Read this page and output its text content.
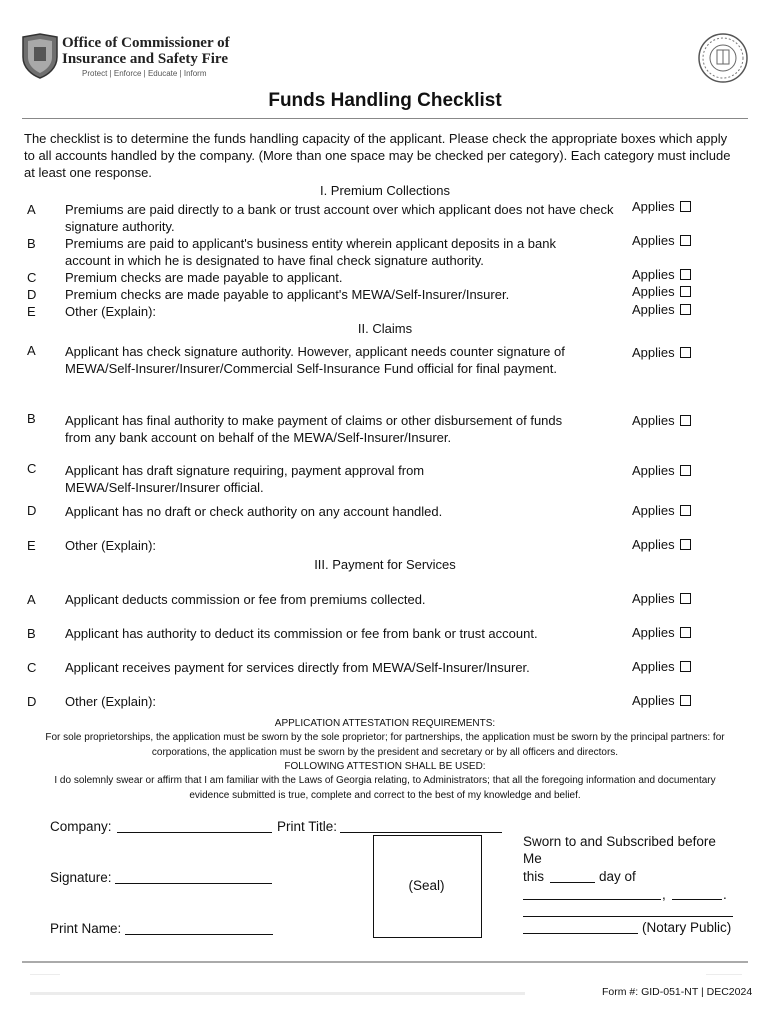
Office of Commissioner of
Insurance and Safety Fire
Protect | Enforce | Educate | Inform
Funds Handling Checklist
The checklist is to determine the funds handling capacity of the applicant. Please check the appropriate boxes which apply to all accounts handled by the company. (More than one space may be checked per category). Each category must include at least one response.
I. Premium Collections
A Premiums are paid directly to a bank or trust account over which applicant does not have check signature authority.
Applies
B Premiums are paid to applicant's business entity wherein applicant deposits in a bank account in which he is designated to have final check signature authority.
Applies
C Premium checks are made payable to applicant.	Applies
D Premium checks are made payable to applicant's MEWA/Self-Insurer/Insurer.	Applies
E Other (Explain):	Applies
II. Claims
A Applicant has check signature authority. However, applicant needs counter signature of MEWA/Self-Insurer/Insurer/Commercial Self-Insurance Fund official for final payment.
Applies
B Applicant has final authority to make payment of claims or other disbursement of funds from any bank account on behalf of the MEWA/Self-Insurer/Insurer.
Applies
C Applicant has draft signature requiring, payment approval from MEWA/Self-Insurer/Insurer official.
Applies
D Applicant has no draft or check authority on any account handled.	Applies
E Other (Explain):	Applies
III. Payment for Services
A Applicant deducts commission or fee from premiums collected.	Applies
B Applicant has authority to deduct its commission or fee from bank or trust account.	Applies
C Applicant receives payment for services directly from MEWA/Self-Insurer/Insurer.	Applies
D Other (Explain):	Applies
APPLICATION ATTESTATION REQUIREMENTS:
For sole proprietorships, the application must be sworn by the sole proprietor; for partnerships, the application must be sworn by the principal partners: for corporations, the application must be sworn by the president and secretary or by all officers and directors.
FOLLOWING ATTESTION SHALL BE USED:
I do solemnly swear or affirm that I am familiar with the Laws of Georgia relating, to Administrators; that all the foregoing information and documentary evidence submitted is true, complete and correct to the best of my knowledge and belief.
Company:	Print Title:
Signature:
Print Name:
(Seal)
Sworn to and Subscribed before Me
this	day of
,	.
(Notary Public)
Form #: GID-051-NT | DEC2024
